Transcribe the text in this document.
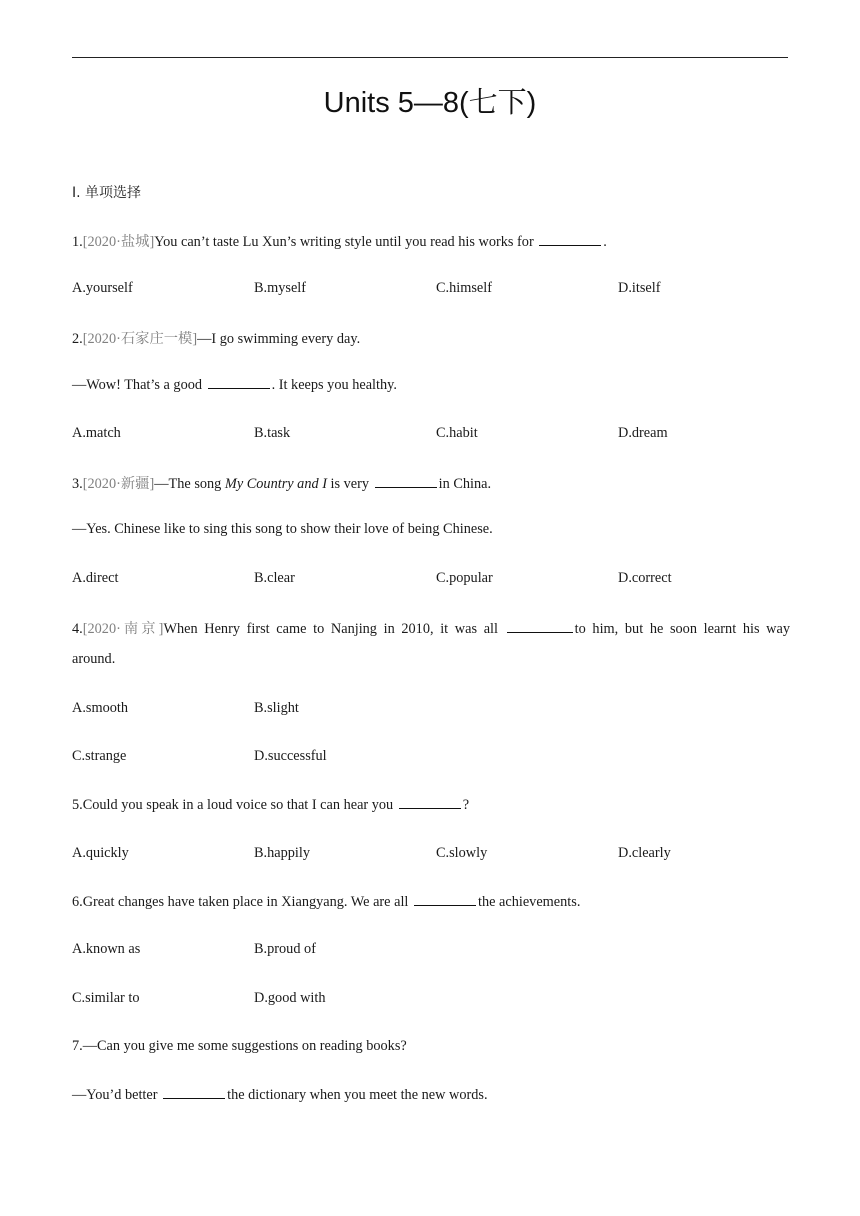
Units 5—8(七下)
Ⅰ. 单项选择
1.[2020·盐城]You can’t taste Lu Xun’s writing style until you read his works for	.
A.yourself	B.myself	C.himself	D.itself
2.[2020·石家庄一模]—I go swimming every day.
—Wow! That’s a good	. It keeps you healthy.
A.match	B.task	C.habit	D.dream
3.[2020·新疆]—The song My Country and I is very	in China.
—Yes. Chinese like to sing this song to show their love of being Chinese.
A.direct	B.clear	C.popular	D.correct
4.[2020·南京]When Henry first came to Nanjing in 2010, it was all	to him, but he soon learnt his way
around.
A.smooth	B.slight
C.strange	D.successful
5.Could you speak in a loud voice so that I can hear you	?
A.quickly	B.happily	C.slowly	D.clearly
6.Great changes have taken place in Xiangyang. We are all	the achievements.
A.known as	B.proud of
C.similar to	D.good with
7.—Can you give me some suggestions on reading books?
—You’d better	the dictionary when you meet the new words.
